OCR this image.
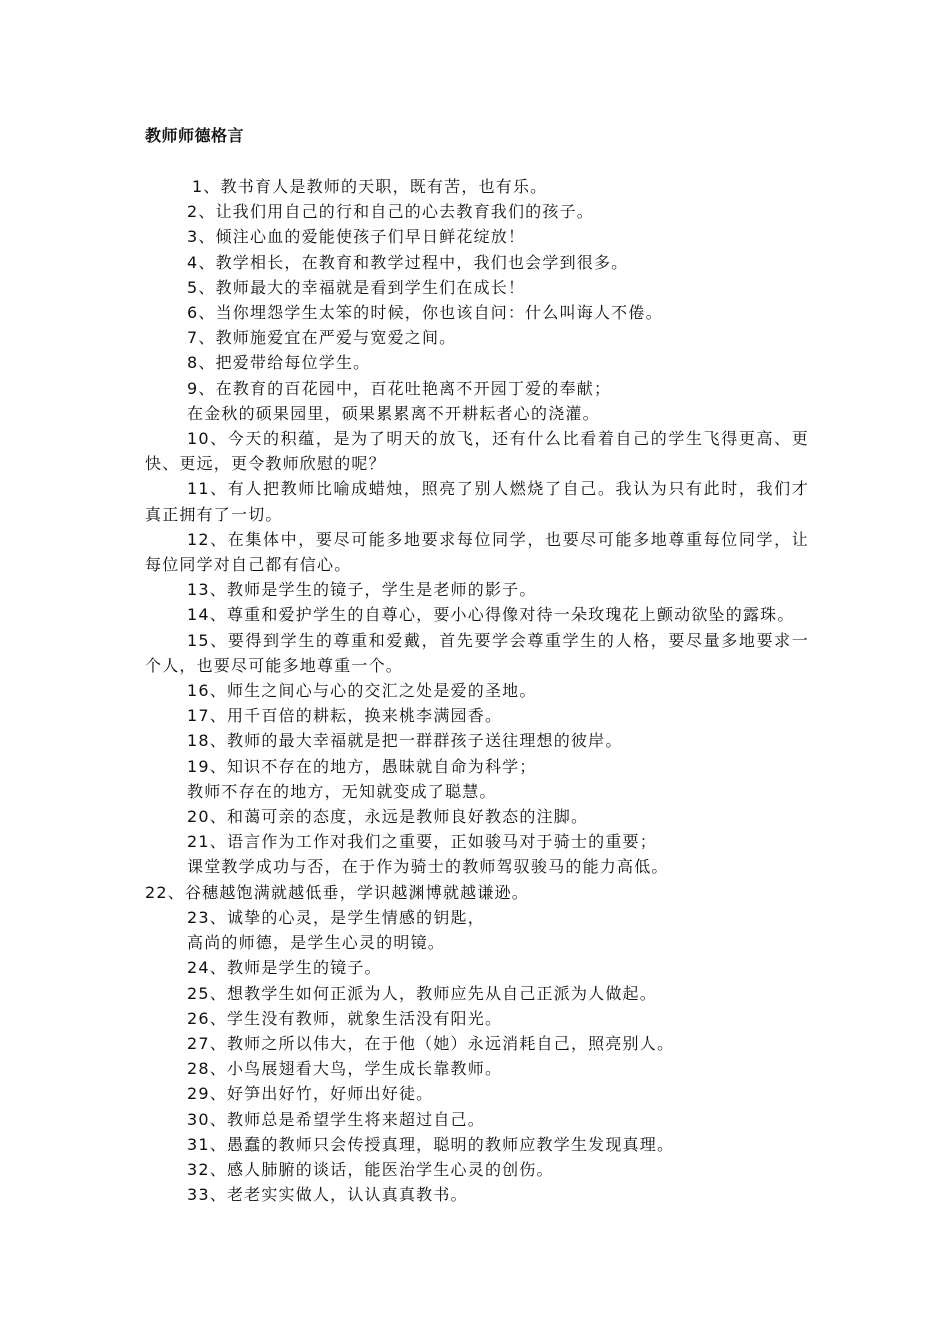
教师师德格言

1、教书育人是教师的天职，既有苦，也有乐。

2、让我们用自己的行和自己的心去教育我们的孩子。

3、倾注心血的爱能使孩子们早日鲜花绽放！

4、教学相长，在教育和教学过程中，我们也会学到很多。

5、教师最大的幸福就是看到学生们在成长！

6、当你埋怨学生太笨的时候，你也该自问：什么叫诲人不倦。

7、教师施爱宜在严爱与宽爱之间。

8、把爱带给每位学生。

9、在教育的百花园中，百花吐艳离不开园丁爱的奉献；

在金秋的硕果园里，硕果累累离不开耕耘者心的浇灌。

10、今天的积蕴，是为了明天的放飞，还有什么比看着自己的学生飞得更高、更快、更远，更令教师欣慰的呢？

11、有人把教师比喻成蜡烛，照亮了别人燃烧了自己。我认为只有此时，我们才真正拥有了一切。

12、在集体中，要尽可能多地要求每位同学，也要尽可能多地尊重每位同学，让每位同学对自己都有信心。

13、教师是学生的镜子，学生是老师的影子。

14、尊重和爱护学生的自尊心，要小心得像对待一朵玫瑰花上颤动欲坠的露珠。

15、要得到学生的尊重和爱戴，首先要学会尊重学生的人格，要尽量多地要求一个人，也要尽可能多地尊重一个。

16、师生之间心与心的交汇之处是爱的圣地。

17、用千百倍的耕耘，换来桃李满园香。

18、教师的最大幸福就是把一群群孩子送往理想的彼岸。

19、知识不存在的地方，愚昧就自命为科学；

教师不存在的地方，无知就变成了聪慧。

20、和蔼可亲的态度，永远是教师良好教态的注脚。

21、语言作为工作对我们之重要，正如骏马对于骑士的重要；

课堂教学成功与否，在于作为骑士的教师驾驭骏马的能力高低。

22、谷穗越饱满就越低垂，学识越渊博就越谦逊。

23、诚挚的心灵，是学生情感的钥匙，

高尚的师德，是学生心灵的明镜。

24、教师是学生的镜子。

25、想教学生如何正派为人，教师应先从自己正派为人做起。

26、学生没有教师，就象生活没有阳光。

27、教师之所以伟大，在于他（她）永远消耗自己，照亮别人。

28、小鸟展翅看大鸟，学生成长靠教师。

29、好笋出好竹，好师出好徒。

30、教师总是希望学生将来超过自己。

31、愚蠢的教师只会传授真理，聪明的教师应教学生发现真理。

32、感人肺腑的谈话，能医治学生心灵的创伤。

33、老老实实做人，认认真真教书。
